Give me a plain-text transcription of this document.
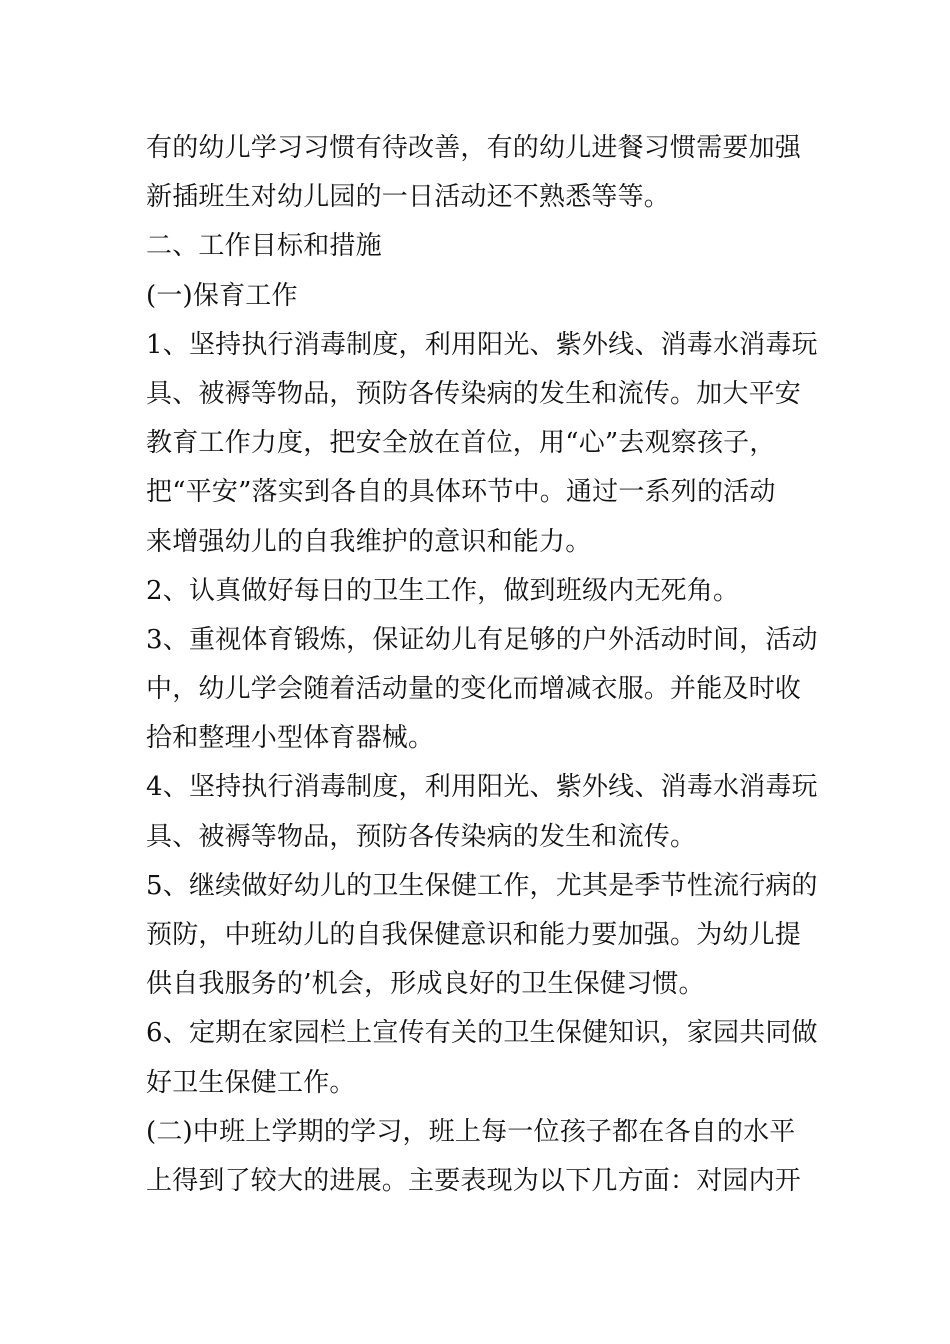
有的幼儿学习习惯有待改善，有的幼儿进餐习惯需要加强
新插班生对幼儿园的一日活动还不熟悉等等。
二、工作目标和措施
(一)保育工作
1、坚持执行消毒制度，利用阳光、紫外线、消毒水消毒玩
具、被褥等物品，预防各传染病的发生和流传。加大平安
教育工作力度，把安全放在首位，用“心”去观察孩子，
把“平安”落实到各自的具体环节中。通过一系列的活动
来增强幼儿的自我维护的意识和能力。
2、认真做好每日的卫生工作，做到班级内无死角。
3、重视体育锻炼，保证幼儿有足够的户外活动时间，活动
中，幼儿学会随着活动量的变化而增减衣服。并能及时收
拾和整理小型体育器械。
4、坚持执行消毒制度，利用阳光、紫外线、消毒水消毒玩
具、被褥等物品，预防各传染病的发生和流传。
5、继续做好幼儿的卫生保健工作，尤其是季节性流行病的
预防，中班幼儿的自我保健意识和能力要加强。为幼儿提
供自我服务的’机会，形成良好的卫生保健习惯。
6、定期在家园栏上宣传有关的卫生保健知识，家园共同做
好卫生保健工作。
(二)中班上学期的学习，班上每一位孩子都在各自的水平
上得到了较大的进展。主要表现为以下几方面：对园内开
